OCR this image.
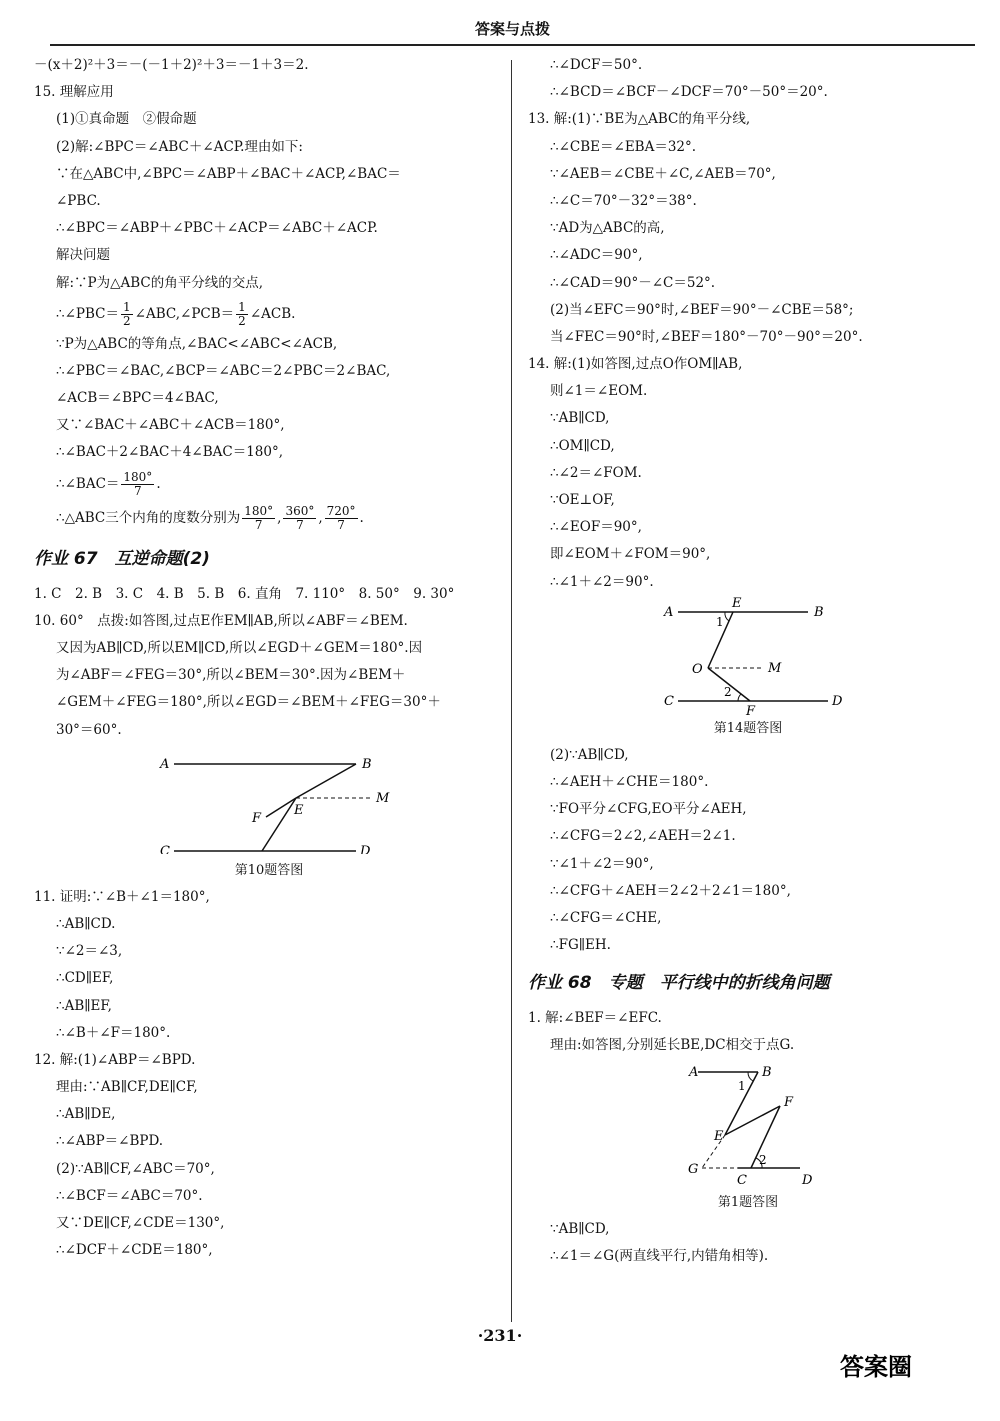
答案与点拨
－(x＋2)²＋3＝－(－1＋2)²＋3＝－1＋3＝2.
15. 理解应用
(1)①真命题　②假命题
(2)解:∠BPC＝∠ABC＋∠ACP.理由如下:
∵在△ABC中,∠BPC＝∠ABP＋∠BAC＋∠ACP,∠BAC＝
∠PBC.
∴∠BPC＝∠ABP＋∠PBC＋∠ACP＝∠ABC＋∠ACP.
解决问题
解:∵P为△ABC的角平分线的交点,
∴∠PBC＝ $\frac{1}{2}$ ∠ABC,∠PCB＝ $\frac{1}{2}$ ∠ACB.
∵P为△ABC的等角点,∠BAC<∠ABC<∠ACB,
∴∠PBC＝∠BAC,∠BCP＝∠ABC＝2∠PBC＝2∠BAC,
∠ACB＝∠BPC＝4∠BAC,
又∵∠BAC＋∠ABC＋∠ACB＝180°,
∴∠BAC＋2∠BAC＋4∠BAC＝180°,
∴∠BAC＝ $\frac{180^\circ}{7}$ .
∴△ABC三个内角的度数分别为 $\frac{180^\circ}{7}$ , $\frac{360^\circ}{7}$ , $\frac{720^\circ}{7}$ .
作业 67　互逆命题(2)
1. C　2. B　3. C　4. B　5. B　6. 直角　7. 110°　8. 50°　9. 30°
10. 60°　点拨:如答图,过点E作EM∥AB,所以∠ABF＝∠BEM.
又因为AB∥CD,所以EM∥CD,所以∠EGD＋∠GEM＝180°.因
为∠ABF＝∠FEG＝30°,所以∠BEM＝30°.因为∠BEM＋
∠GEM＋∠FEG＝180°,所以∠EGD＝∠BEM＋∠FEG＝30°＋
30°＝60°.
A	B
C	D
E
F
M
第10题答图
11. 证明:∵∠B＋∠1＝180°,
∴AB∥CD.
∵∠2＝∠3,
∴CD∥EF,
∴AB∥EF,
∴∠B＋∠F＝180°.
12. 解:(1)∠ABP＝∠BPD.
理由:∵AB∥CF,DE∥CF,
∴AB∥DE,
∴∠ABP＝∠BPD.
(2)∵AB∥CF,∠ABC＝70°,
∴∠BCF＝∠ABC＝70°.
又∵DE∥CF,∠CDE＝130°,
∴∠DCF＋∠CDE＝180°,
∴∠DCF＝50°.
∴∠BCD＝∠BCF－∠DCF＝70°－50°＝20°.
13. 解:(1)∵BE为△ABC的角平分线,
∴∠CBE＝∠EBA＝32°.
∵∠AEB＝∠CBE＋∠C,∠AEB＝70°,
∴∠C＝70°－32°＝38°.
∵AD为△ABC的高,
∴∠ADC＝90°,
∴∠CAD＝90°－∠C＝52°.
(2)当∠EFC＝90°时,∠BEF＝90°－∠CBE＝58°;
当∠FEC＝90°时,∠BEF＝180°－70°－90°＝20°.
14. 解:(1)如答图,过点O作OM∥AB,
则∠1＝∠EOM.
∵AB∥CD,
∴OM∥CD,
∴∠2＝∠FOM.
∵OE⊥OF,
∴∠EOF＝90°,
即∠EOM＋∠FOM＝90°,
∴∠1＋∠2＝90°.
A	B
E
1
O	M
2
C
F
D
第14题答图
(2)∵AB∥CD,
∴∠AEH＋∠CHE＝180°.
∵FO平分∠CFG,EO平分∠AEH,
∴∠CFG＝2∠2,∠AEH＝2∠1.
∵∠1＋∠2＝90°,
∴∠CFG＋∠AEH＝2∠2＋2∠1＝180°,
∴∠CFG＝∠CHE,
∴FG∥EH.
作业 68　专题　平行线中的折线角问题
1. 解:∠BEF＝∠EFC.
理由:如答图,分别延长BE,DC相交于点G.
A	B
1
F
E
G
2
C	D
第1题答图
∵AB∥CD,
∴∠1＝∠G(两直线平行,内错角相等).
·231·
答案圈
